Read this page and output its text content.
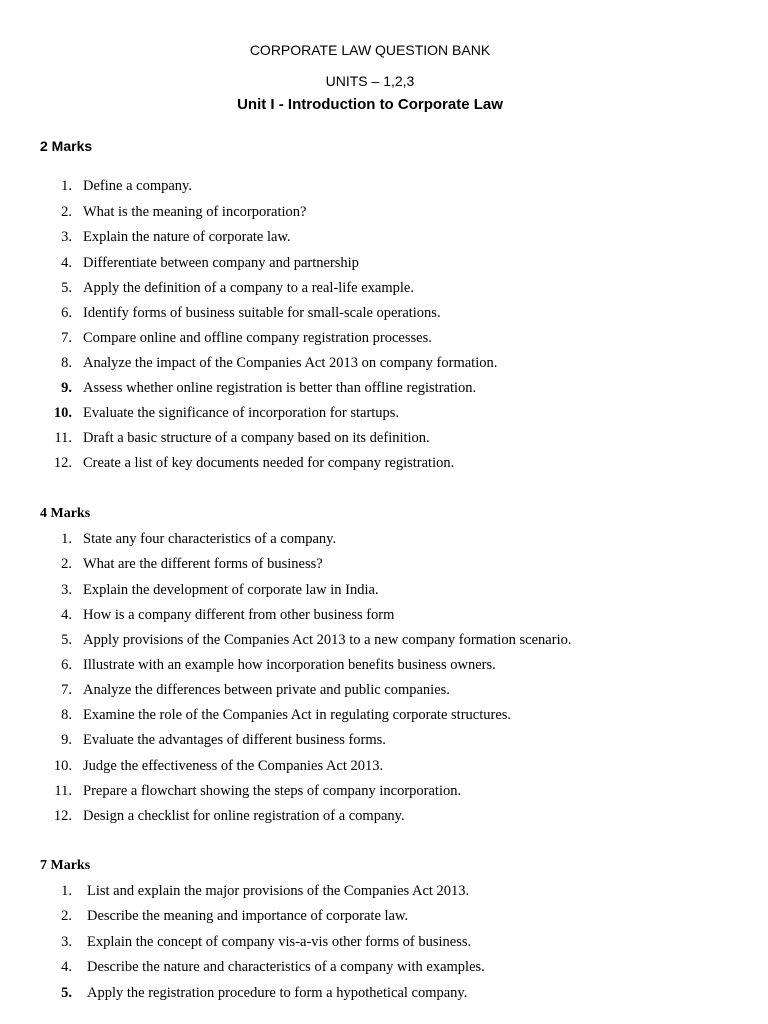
CORPORATE LAW QUESTION BANK
UNITS – 1,2,3
Unit I - Introduction to Corporate Law
2 Marks
1. Define a company.
2. What is the meaning of incorporation?
3. Explain the nature of corporate law.
4. Differentiate between company and partnership
5. Apply the definition of a company to a real-life example.
6. Identify forms of business suitable for small-scale operations.
7. Compare online and offline company registration processes.
8. Analyze the impact of the Companies Act 2013 on company formation.
9. Assess whether online registration is better than offline registration.
10. Evaluate the significance of incorporation for startups.
11. Draft a basic structure of a company based on its definition.
12. Create a list of key documents needed for company registration.
4 Marks
1. State any four characteristics of a company.
2. What are the different forms of business?
3. Explain the development of corporate law in India.
4. How is a company different from other business form
5. Apply provisions of the Companies Act 2013 to a new company formation scenario.
6. Illustrate with an example how incorporation benefits business owners.
7. Analyze the differences between private and public companies.
8. Examine the role of the Companies Act in regulating corporate structures.
9. Evaluate the advantages of different business forms.
10. Judge the effectiveness of the Companies Act 2013.
11. Prepare a flowchart showing the steps of company incorporation.
12. Design a checklist for online registration of a company.
7 Marks
1. List and explain the major provisions of the Companies Act 2013.
2. Describe the meaning and importance of corporate law.
3. Explain the concept of company vis-a-vis other forms of business.
4. Describe the nature and characteristics of a company with examples.
5. Apply the registration procedure to form a hypothetical company.
